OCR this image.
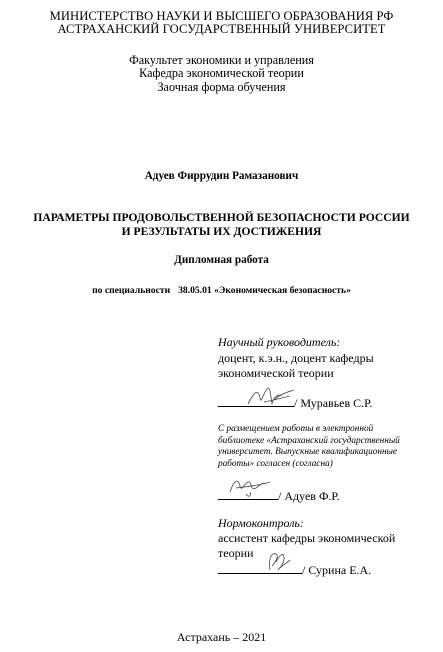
МИНИСТЕРСТВО НАУКИ И ВЫСШЕГО ОБРАЗОВАНИЯ РФ
АСТРАХАНСКИЙ ГОСУДАРСТВЕННЫЙ УНИВЕРСИТЕТ
Факультет экономики и управления
Кафедра экономической теории
Заочная форма обучения
Адуев Фиррудин Рамазанович
ПАРАМЕТРЫ ПРОДОВОЛЬСТВЕННОЙ БЕЗОПАСНОСТИ РОССИИ
И РЕЗУЛЬТАТЫ ИХ ДОСТИЖЕНИЯ
Дипломная работа
по специальности 38.05.01 «Экономическая безопасность»
Научный руководитель:
доцент, к.э.н., доцент кафедры
экономической теории
/ Муравьев С.Р.
С размещением работы в электронной
библиотеке «Астраханский государственный
университет. Выпускные квалификационные
работы» согласен (согласна)
/ Адуев Ф.Р.
Нормоконтроль:
ассистент кафедры экономической
теории
/ Сурина Е.А.
Астрахань – 2021
